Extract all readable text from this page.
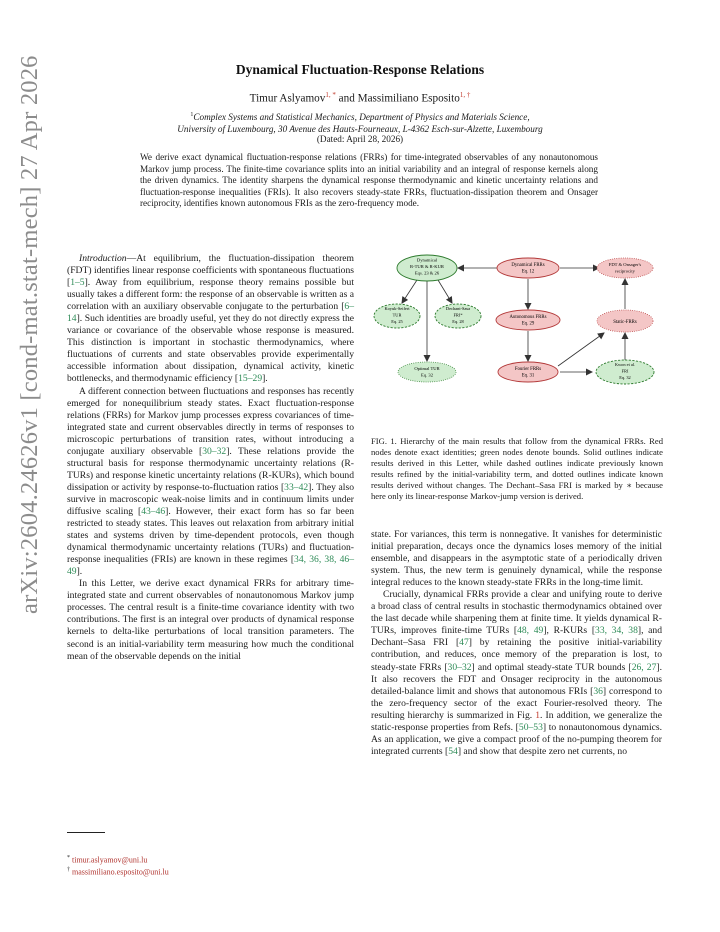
arXiv:2604.24626v1 [cond-mat.stat-mech] 27 Apr 2026	Dynamical Fluctuation-Response Relations
Timur Aslyamov$^{1, *}$ and Massimiliano Esposito$^{1, \dagger}$
$^1$Complex Systems and Statistical Mechanics, Department of Physics and Materials Science,
University of Luxembourg, 30 Avenue des Hauts-Fourneaux, L-4362 Esch-sur-Alzette, Luxembourg
(Dated: April 28, 2026)
We derive exact dynamical fluctuation-response relations (FRRs) for time-integrated observables of any nonautonomous Markov jump process. The finite-time covariance splits into an initial variability and an integral of response kernels along the driven dynamics. The identity sharpens the dynamical response thermodynamic and kinetic uncertainty relations and fluctuation-response inequalities (FRIs). It also recovers steady-state FRRs, fluctuation-dissipation theorem and Onsager reciprocity, identifies known autonomous FRIs as the zero-frequency mode.

Introduction—At equilibrium, the fluctuation-dissipation theorem (FDT) identifies linear response coefficients with spontaneous fluctuations [1–5]. Away from equilibrium, response theory remains possible but usually takes a different form: the response of an observable is written as a correlation with an auxiliary observable conjugate to the perturbation [6–14]. Such identities are broadly useful, yet they do not directly express the variance or covariance of the observable whose response is measured. This distinction is important in stochastic thermodynamics, where fluctuations of currents and state observables provide experimentally accessible information about dissipation, dynamical activity, kinetic bottlenecks, and thermodynamic efficiency [15–29].

A different connection between fluctuations and responses has recently emerged for nonequilibrium steady states. Exact fluctuation-response relations (FRRs) for Markov jump processes express covariances of time-integrated state and current observables directly in terms of responses to microscopic perturbations of transition rates, without introducing a conjugate auxiliary observable [30–32]. These relations provide the structural basis for response thermodynamic uncertainty relations (R-TURs) and response kinetic uncertainty relations (R-KURs), which bound dissipation or activity by response-to-fluctuation ratios [33–42]. They also survive in macroscopic weak-noise limits and in continuum limits under diffusive scaling [43–46]. However, their exact form has so far been restricted to steady states. This leaves out relaxation from arbitrary initial states and systems driven by time-dependent protocols, even though dynamical thermodynamic uncertainty relations (TURs) and fluctuation-response inequalities (FRIs) are known in these regimes [34, 36, 38, 46–49].

In this Letter, we derive exact dynamical FRRs for arbitrary time-integrated state and current observables of nonautonomous Markov jump processes. The central result is a finite-time covariance identity with two contributions. The first is an integral over products of dynamical response kernels to delta-like perturbations of local transition parameters. The second is an initial-variability term measuring how much the conditional mean of the observable depends on the initial

* timur.aslyamov@uni.lu
† massimiliano.esposito@uni.lu
Dynamical
R-TUR & R-KUR
Eqs. 23 & 26
Dynamical FRRs
Eq. 12
FDT & Onsager's
reciprocity
Koyuk-Seifert
TUR
Eq. 25
Dechant-Sasa
FRI*
Eq. 28
Autonomous FRRs
Eq. 29	Static-FRRs
Optimal TUR
Eq. 32
Fourier FRRs
Eq. 31
Kwon et al.
FRI
Eq. 32
FIG. 1. Hierarchy of the main results that follow from the dynamical FRRs. Red nodes denote exact identities; green nodes denote bounds. Solid outlines indicate results derived in this Letter, while dashed outlines indicate previously known results refined by the initial-variability term, and dotted outlines indicate known results derived without changes. The Dechant–Sasa FRI is marked by ∗ because here only its linear-response Markov-jump version is derived.

state. For variances, this term is nonnegative. It vanishes for deterministic initial preparation, decays once the dynamics loses memory of the initial ensemble, and disappears in the asymptotic state of a periodically driven system. Thus, the new term is genuinely dynamical, while the response integral reduces to the known steady-state FRRs in the long-time limit.

Crucially, dynamical FRRs provide a clear and unifying route to derive a broad class of central results in stochastic thermodynamics obtained over the last decade while sharpening them at finite time. It yields dynamical R-TURs, improves finite-time TURs [48, 49], R-KURs [33, 34, 38], and Dechant–Sasa FRI [47] by retaining the positive initial-variability contribution, and reduces, once memory of the preparation is lost, to steady-state FRRs [30–32] and optimal steady-state TUR bounds [26, 27]. It also recovers the FDT and Onsager reciprocity in the autonomous detailed-balance limit and shows that autonomous FRIs [36] correspond to the zero-frequency sector of the exact Fourier-resolved theory. The resulting hierarchy is summarized in Fig. 1. In addition, we generalize the static-response properties from Refs. [50–53] to nonautonomous dynamics. As an application, we give a compact proof of the no-pumping theorem for integrated currents [54] and show that despite zero net currents, no
